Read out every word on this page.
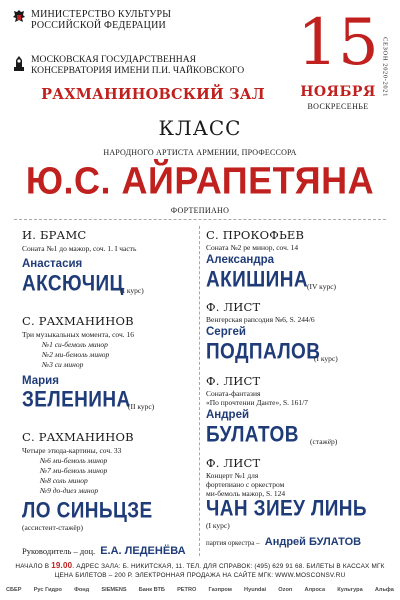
МИНИСТЕРСТВО КУЛЬТУРЫ
РОССИЙСКОЙ ФЕДЕРАЦИИ
МОСКОВСКАЯ ГОСУДАРСТВЕННАЯ
КОНСЕРВАТОРИЯ ИМЕНИ П.И. ЧАЙКОВСКОГО
РАХМАНИНОВСКИЙ ЗАЛ
15
НОЯБРЯ
ВОСКРЕСЕНЬЕ
СЕЗОН 2020-2021
КЛАСС
НАРОДНОГО АРТИСТА АРМЕНИИ, ПРОФЕССОРА
Ю.С. АЙРАПЕТЯНА
ФОРТЕПИАНО
И. БРАМС
Соната №1 до мажор, соч. 1. I часть
Анастасия
АКСЮЧИЦ
(I курс)
С. РАХМАНИНОВ
Три музыкальных момента, соч. 16
№1 си-бемоль минор
№2 ми-бемоль минор
№3 си минор
Мария
ЗЕЛЕНИНА
(II курс)
С. РАХМАНИНОВ
Четыре этюда-картины, соч. 33
№6 ми-бемоль минор
№7 ми-бемоль минор
№8 соль минор
№9 до-диез минор
ЛО СИНЬЦЗЕ
(ассистент-стажёр)
Руководитель – доц. Е.А. ЛЕДЕНЁВА
С. ПРОКОФЬЕВ
Соната №2 ре минор, соч. 14
Александра
АКИШИНА (IV курс)
Ф. ЛИСТ
Венгерская рапсодия №6, S. 244/6
Сергей
ПОДПАЛОВ
(I курс)
Ф. ЛИСТ
Соната-фантазия
«По прочтении Данте», S. 161/7
Андрей
БУЛАТОВ (стажёр)
Ф. ЛИСТ
Концерт №1 для
фортепиано с оркестром
ми-бемоль мажор, S. 124
ЧАН ЗИЕУ ЛИНЬ
(I курс)
партия оркестра – Андрей БУЛАТОВ
НАЧАЛО В 19.00. АДРЕС ЗАЛА: Б. НИКИТСКАЯ, 11. ТЕЛ. ДЛЯ СПРАВОК: (495) 629 91 68. БИЛЕТЫ В КАССАХ МГК
ЦЕНА БИЛЕТОВ – 200 Р. ЭЛЕКТРОННАЯ ПРОДАЖА НА САЙТЕ МГК: WWW.MOSCONSV.RU
СБЕР Рус Гидро Фонд SIEMENS Банк ВТБ PETRO Газпром Hyundai Ozon Алроса Культура Альфа
